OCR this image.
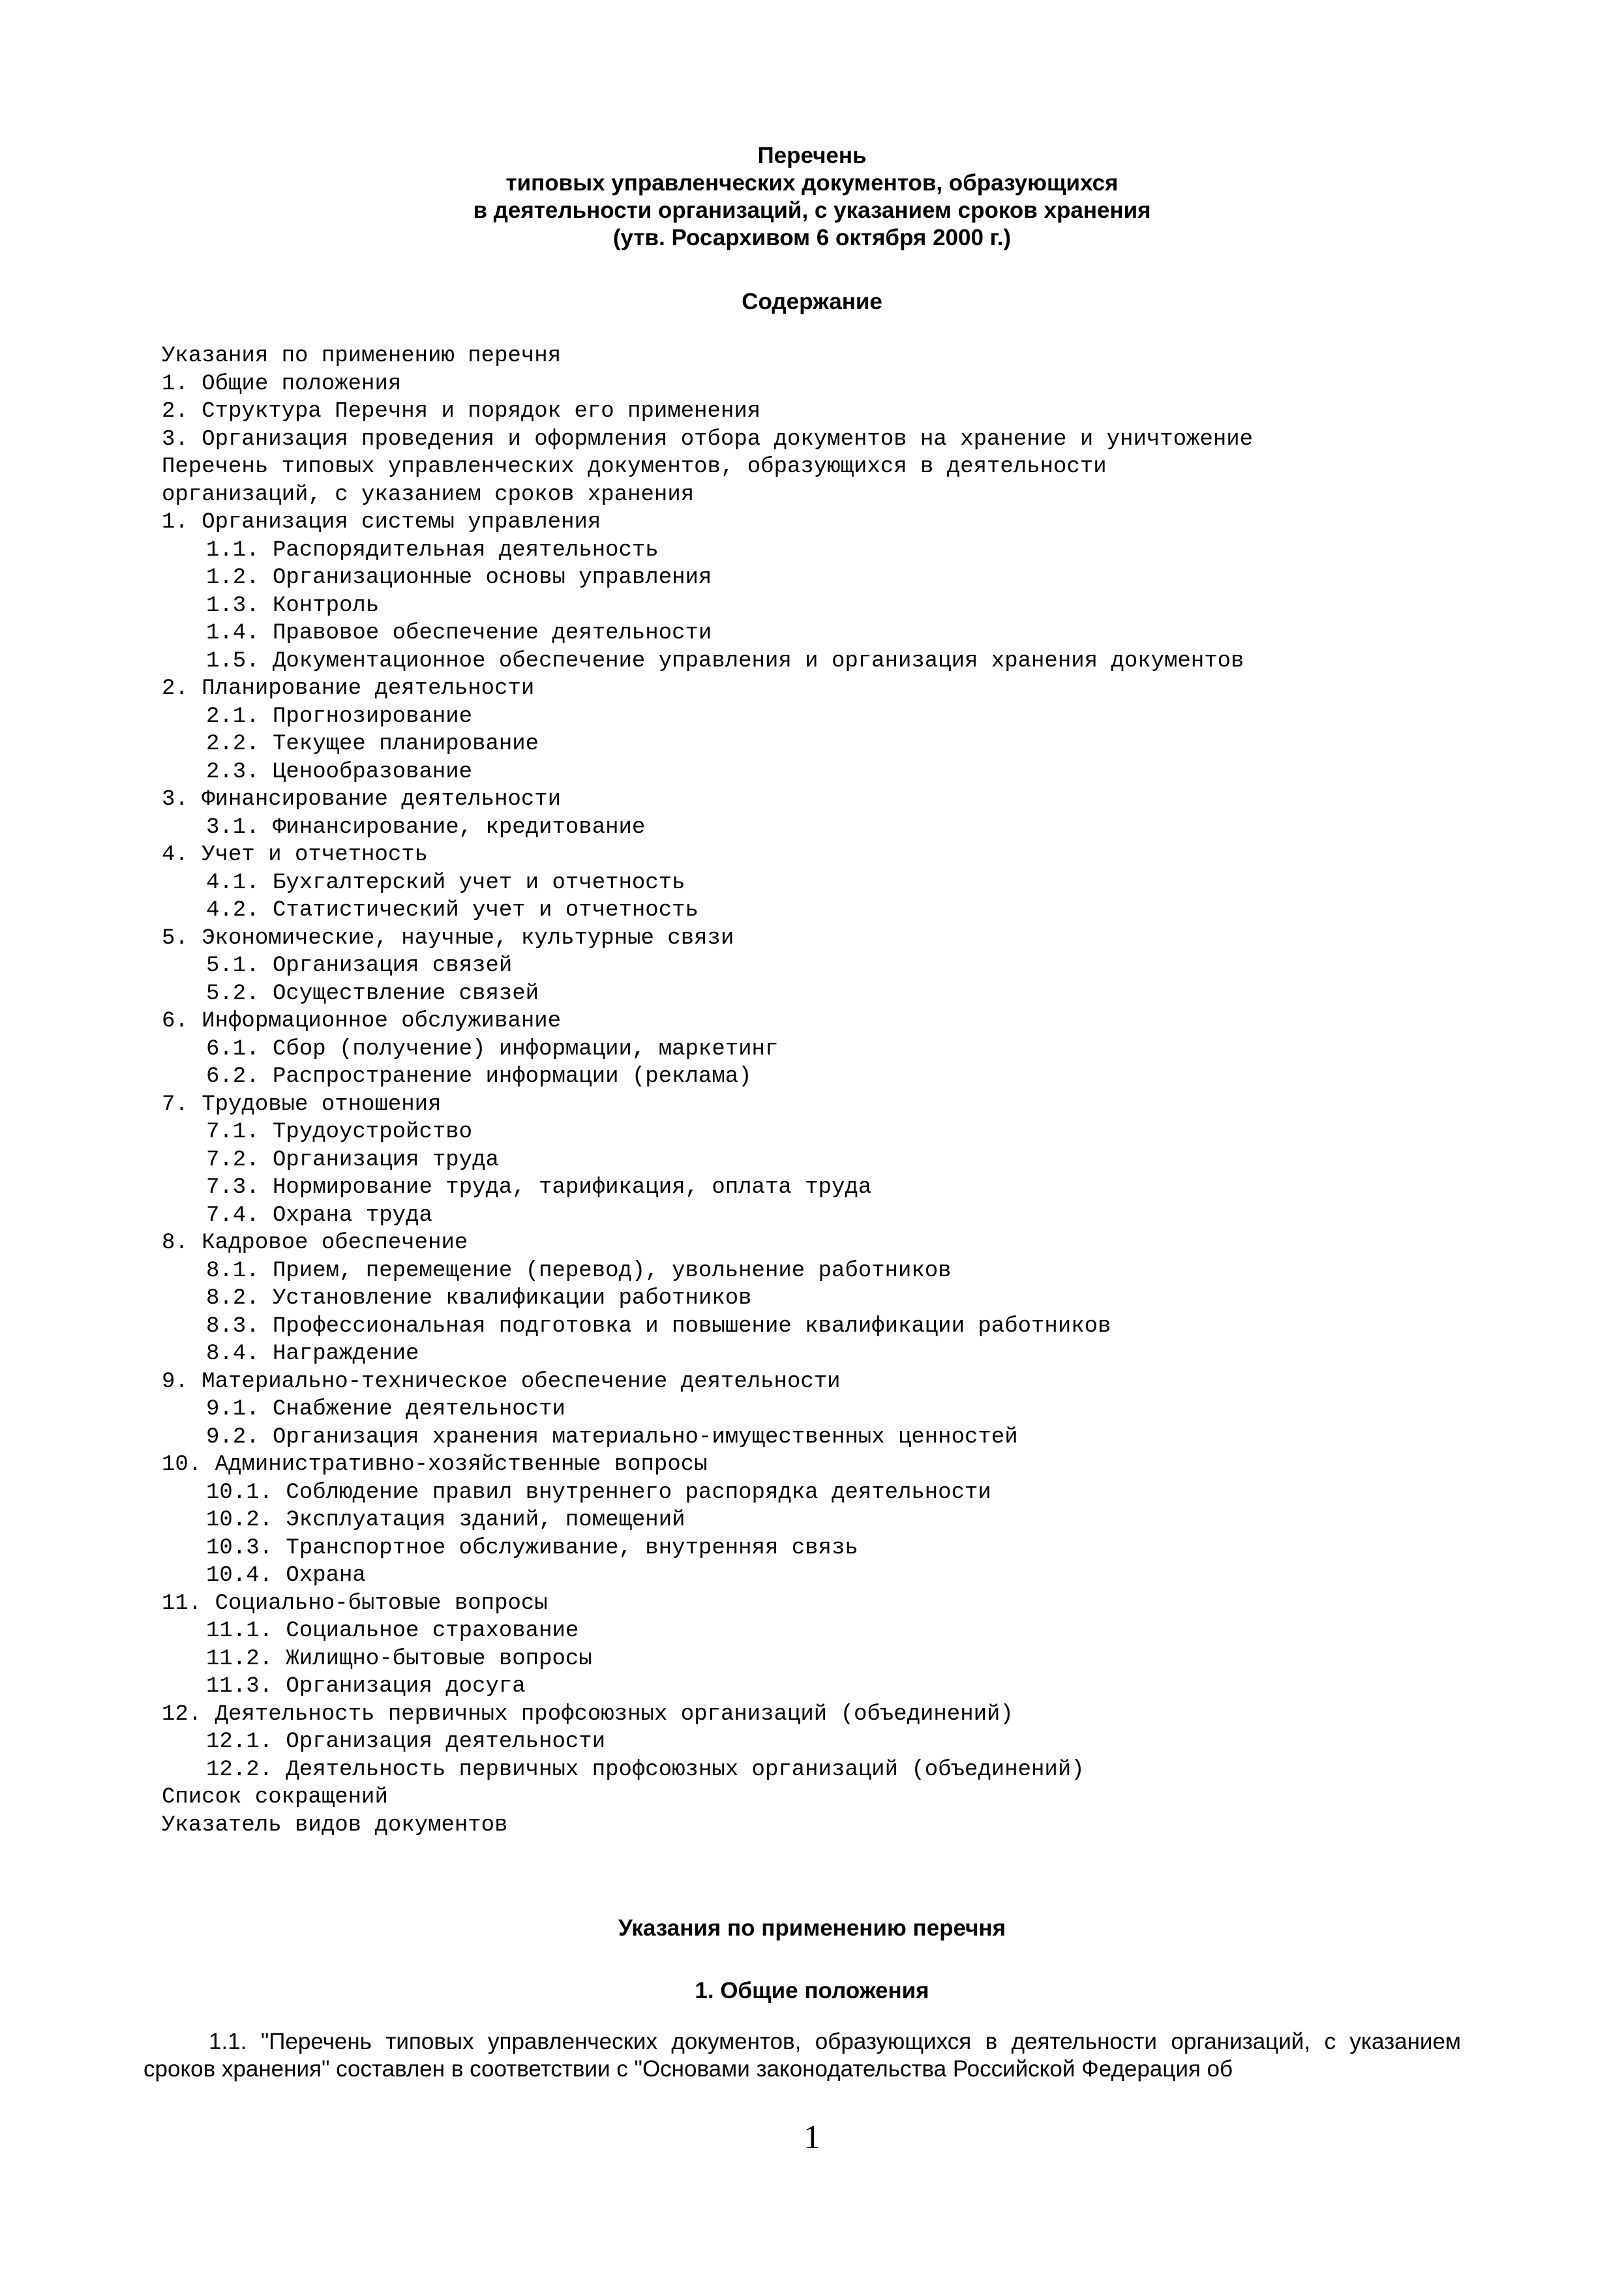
Перечень
типовых управленческих документов, образующихся
в деятельности организаций, с указанием сроков хранения
(утв. Росархивом 6 октября 2000 г.)
Содержание
Указания по применению перечня
1. Общие положения
2. Структура Перечня и порядок его применения
3. Организация проведения и оформления отбора документов на хранение и уничтожение
Перечень типовых управленческих документов, образующихся в деятельности организаций, с указанием сроков хранения
1. Организация системы управления
1.1. Распорядительная деятельность
1.2. Организационные основы управления
1.3. Контроль
1.4. Правовое обеспечение деятельности
1.5. Документационное обеспечение управления и организация хранения документов
2. Планирование деятельности
2.1. Прогнозирование
2.2. Текущее планирование
2.3. Ценообразование
3. Финансирование деятельности
3.1. Финансирование, кредитование
4. Учет и отчетность
4.1. Бухгалтерский учет и отчетность
4.2. Статистический учет и отчетность
5. Экономические, научные, культурные связи
5.1. Организация связей
5.2. Осуществление связей
6. Информационное обслуживание
6.1. Сбор (получение) информации, маркетинг
6.2. Распространение информации (реклама)
7. Трудовые отношения
7.1. Трудоустройство
7.2. Организация труда
7.3. Нормирование труда, тарификация, оплата труда
7.4. Охрана труда
8. Кадровое обеспечение
8.1. Прием, перемещение (перевод), увольнение работников
8.2. Установление квалификации работников
8.3. Профессиональная подготовка и повышение квалификации работников
8.4. Награждение
9. Материально-техническое обеспечение деятельности
9.1. Снабжение деятельности
9.2. Организация хранения материально-имущественных ценностей
10. Административно-хозяйственные вопросы
10.1. Соблюдение правил внутреннего распорядка деятельности
10.2. Эксплуатация зданий, помещений
10.3. Транспортное обслуживание, внутренняя связь
10.4. Охрана
11. Социально-бытовые вопросы
11.1. Социальное страхование
11.2. Жилищно-бытовые вопросы
11.3. Организация досуга
12. Деятельность первичных профсоюзных организаций (объединений)
12.1. Организация деятельности
12.2. Деятельность первичных профсоюзных организаций (объединений)
Список сокращений
Указатель видов документов
Указания по применению перечня
1. Общие положения

1.1. "Перечень типовых управленческих документов, образующихся в деятельности организаций, с указанием сроков хранения" составлен в соответствии с "Основами законодательства Российской Федерация об

1
